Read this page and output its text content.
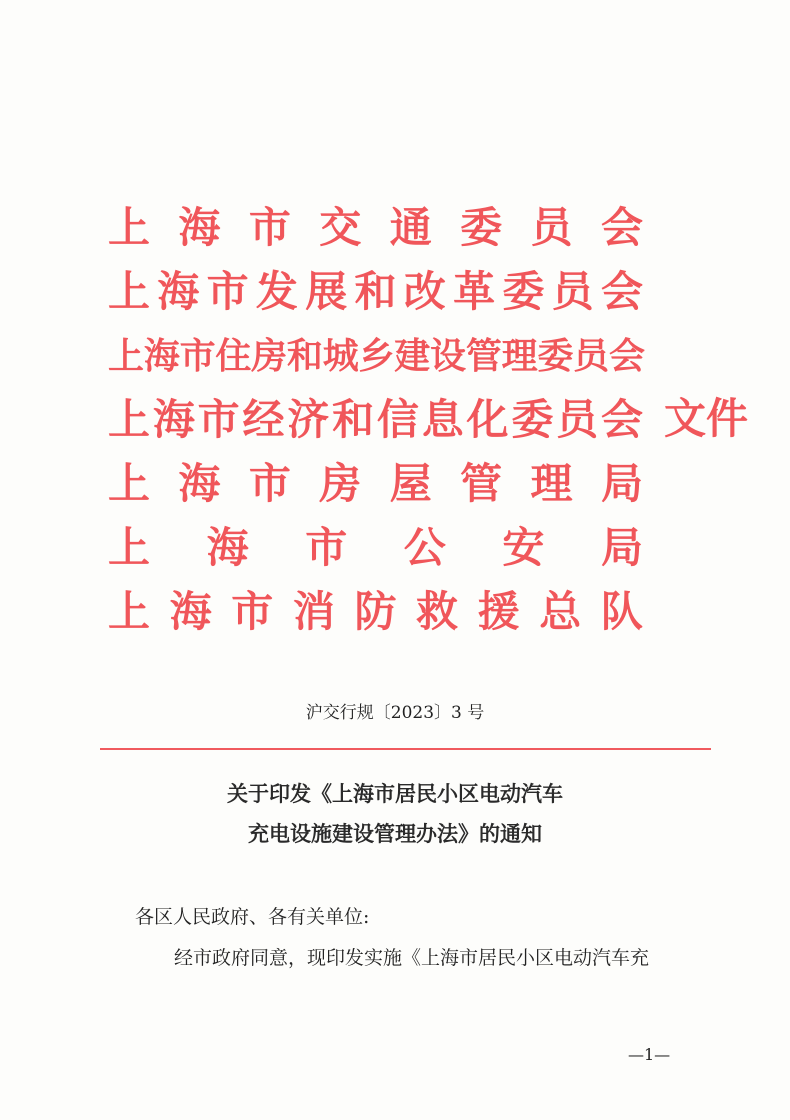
上 海 市 交 通 委 员 会
上 海 市 发 展 和 改 革 委 员 会
上 海 市 住 房 和 城 乡 建 设 管 理 委 员 会
上 海 市 经 济 和 信 息 化 委 员 会
上 海 市 房 屋 管 理 局
上 海 市 公 安 局
上 海 市 消 防 救 援 总 队
文件
沪交行规〔2023〕3 号
关于印发《上海市居民小区电动汽车
充电设施建设管理办法》的通知
各区人民政府、各有关单位:
经市政府同意，现印发实施《上海市居民小区电动汽车充
—1—
